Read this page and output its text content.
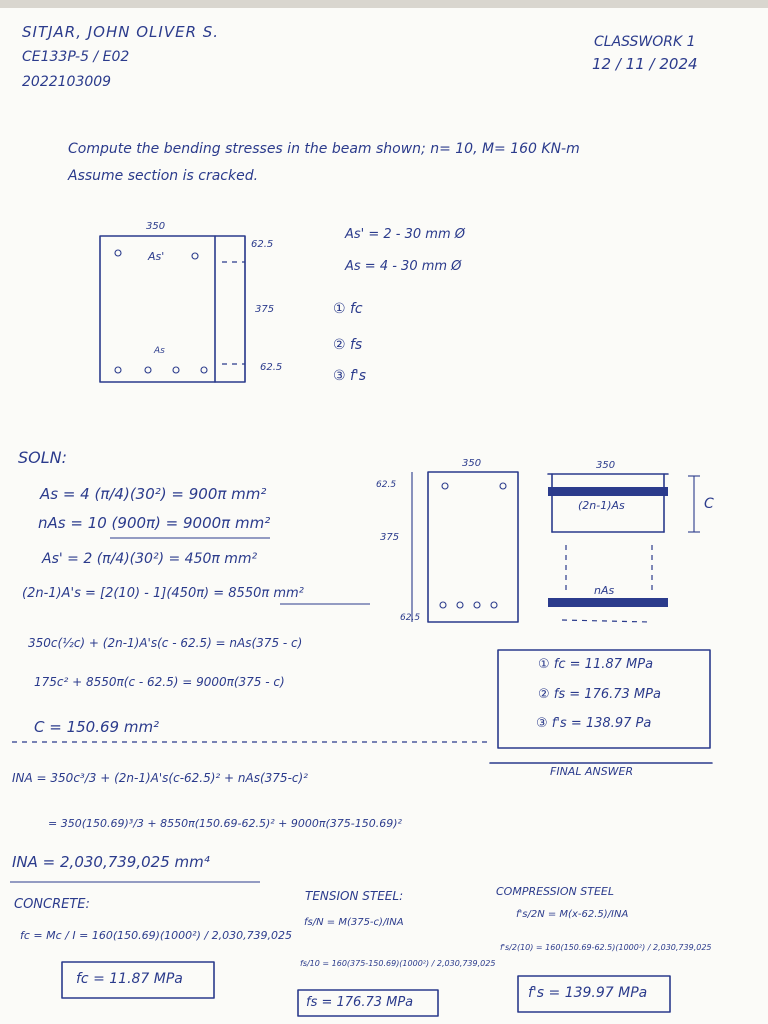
SITJAR, JOHN OLIVER S.
CE133P-5 / E02
2022103009
CLASSWORK 1
12 / 11 / 2024
Compute the bending stresses in the beam shown; n= 10, M= 160 KN-m
Assume section is cracked.
350
62.5
375
62.5
As'
As
As' = 2 - 30 mm Ø
As = 4 - 30 mm Ø
① fc
② fs
③ f's
SOLN:
As = 4 (π/4)(30²) = 900π mm²
nAs = 10 (900π) = 9000π mm²
As' = 2 (π/4)(30²) = 450π mm²
(2n-1)A's = [2(10) - 1](450π) = 8550π mm²
350c(½c) + (2n-1)A's(c - 62.5) = nAs(375 - c)
175c² + 8550π(c - 62.5) = 9000π(375 - c)
C = 150.69 mm²
INA = 350c³/3 + (2n-1)A's(c-62.5)² + nAs(375-c)²
= 350(150.69)³/3 + 8550π(150.69-62.5)² + 9000π(375-150.69)²
INA = 2,030,739,025 mm⁴
350
62.5
375
62.5
350
C
(2n-1)As
nAs
① fc = 11.87 MPa
② fs = 176.73 MPa
③ f's = 138.97 Pa
FINAL ANSWER
CONCRETE:
fc = Mc / I = 160(150.69)(1000²) / 2,030,739,025
fc = 11.87 MPa
TENSION STEEL:
fs/N = M(375-c)/INA
fs/10 = 160(375-150.69)(1000²) / 2,030,739,025
fs = 176.73 MPa
COMPRESSION STEEL
f's/2N = M(x-62.5)/INA
f's/2(10) = 160(150.69-62.5)(1000²) / 2,030,739,025
f's = 139.97 MPa
